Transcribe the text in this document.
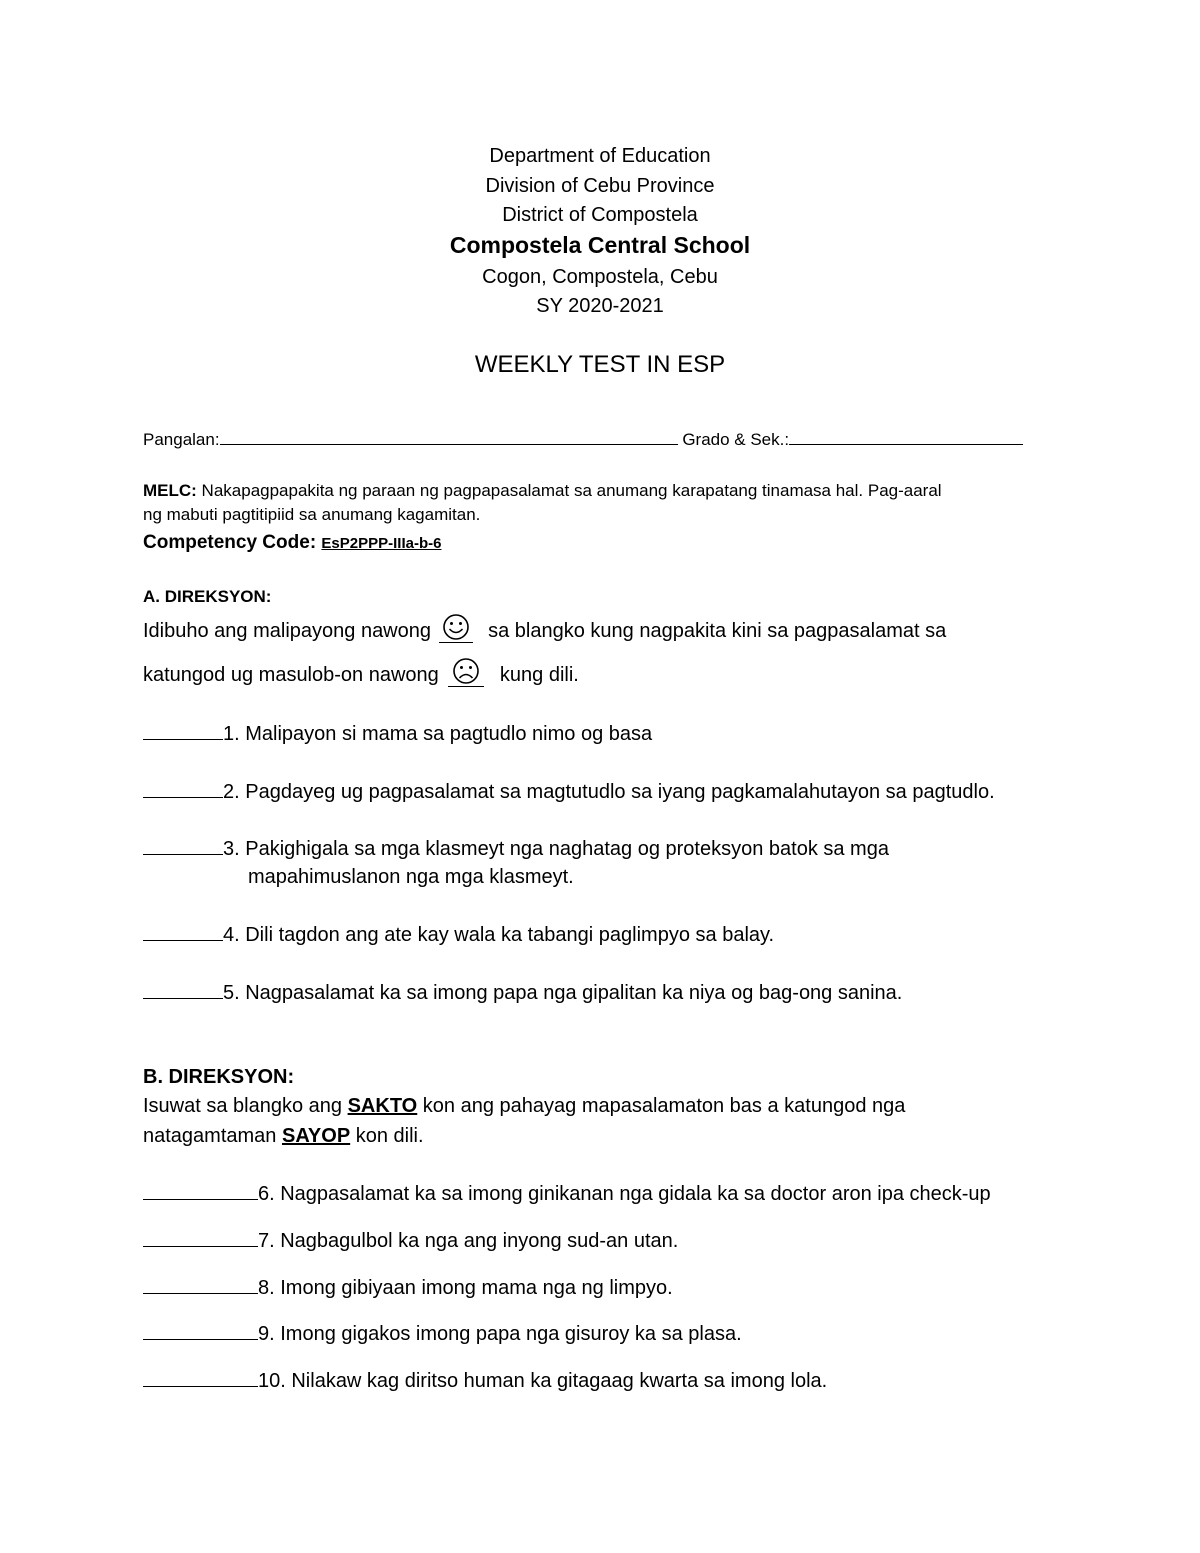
Department of Education
Division of Cebu Province
District of Compostela
Compostela Central School
Cogon, Compostela, Cebu
SY 2020-2021
WEEKLY TEST IN ESP
Pangalan:	Grado & Sek.:
MELC: Nakapagpapakita ng paraan ng pagpapasalamat sa anumang karapatang tinamasa hal. Pag-aaral
ng mabuti pagtitipiid sa anumang kagamitan.
Competency Code: EsP2PPP-IIIa-b-6
A. DIREKSYON:
Idibuho ang malipayong nawong	sa blangko kung nagpakita kini sa pagpasalamat sa
katungod ug masulob-on nawong	kung dili.
1. Malipayon si mama sa pagtudlo nimo og basa
2. Pagdayeg ug pagpasalamat sa magtutudlo sa iyang pagkamalahutayon sa pagtudlo.
3. Pakighigala sa mga klasmeyt nga naghatag og proteksyon batok sa mga
mapahimuslanon nga mga klasmeyt.
4. Dili tagdon ang ate kay wala ka tabangi paglimpyo sa balay.
5. Nagpasalamat ka sa imong papa nga gipalitan ka niya og bag-ong sanina.
B. DIREKSYON:
Isuwat sa blangko ang SAKTO kon ang pahayag mapasalamaton bas a katungod nga
natagamtaman SAYOP kon dili.
6. Nagpasalamat ka sa imong ginikanan nga gidala ka sa doctor aron ipa check-up
7. Nagbagulbol ka nga ang inyong sud-an utan.
8. Imong gibiyaan imong mama nga ng limpyo.
9. Imong gigakos imong papa nga gisuroy ka sa plasa.
10. Nilakaw kag diritso human ka gitagaag kwarta sa imong lola.
